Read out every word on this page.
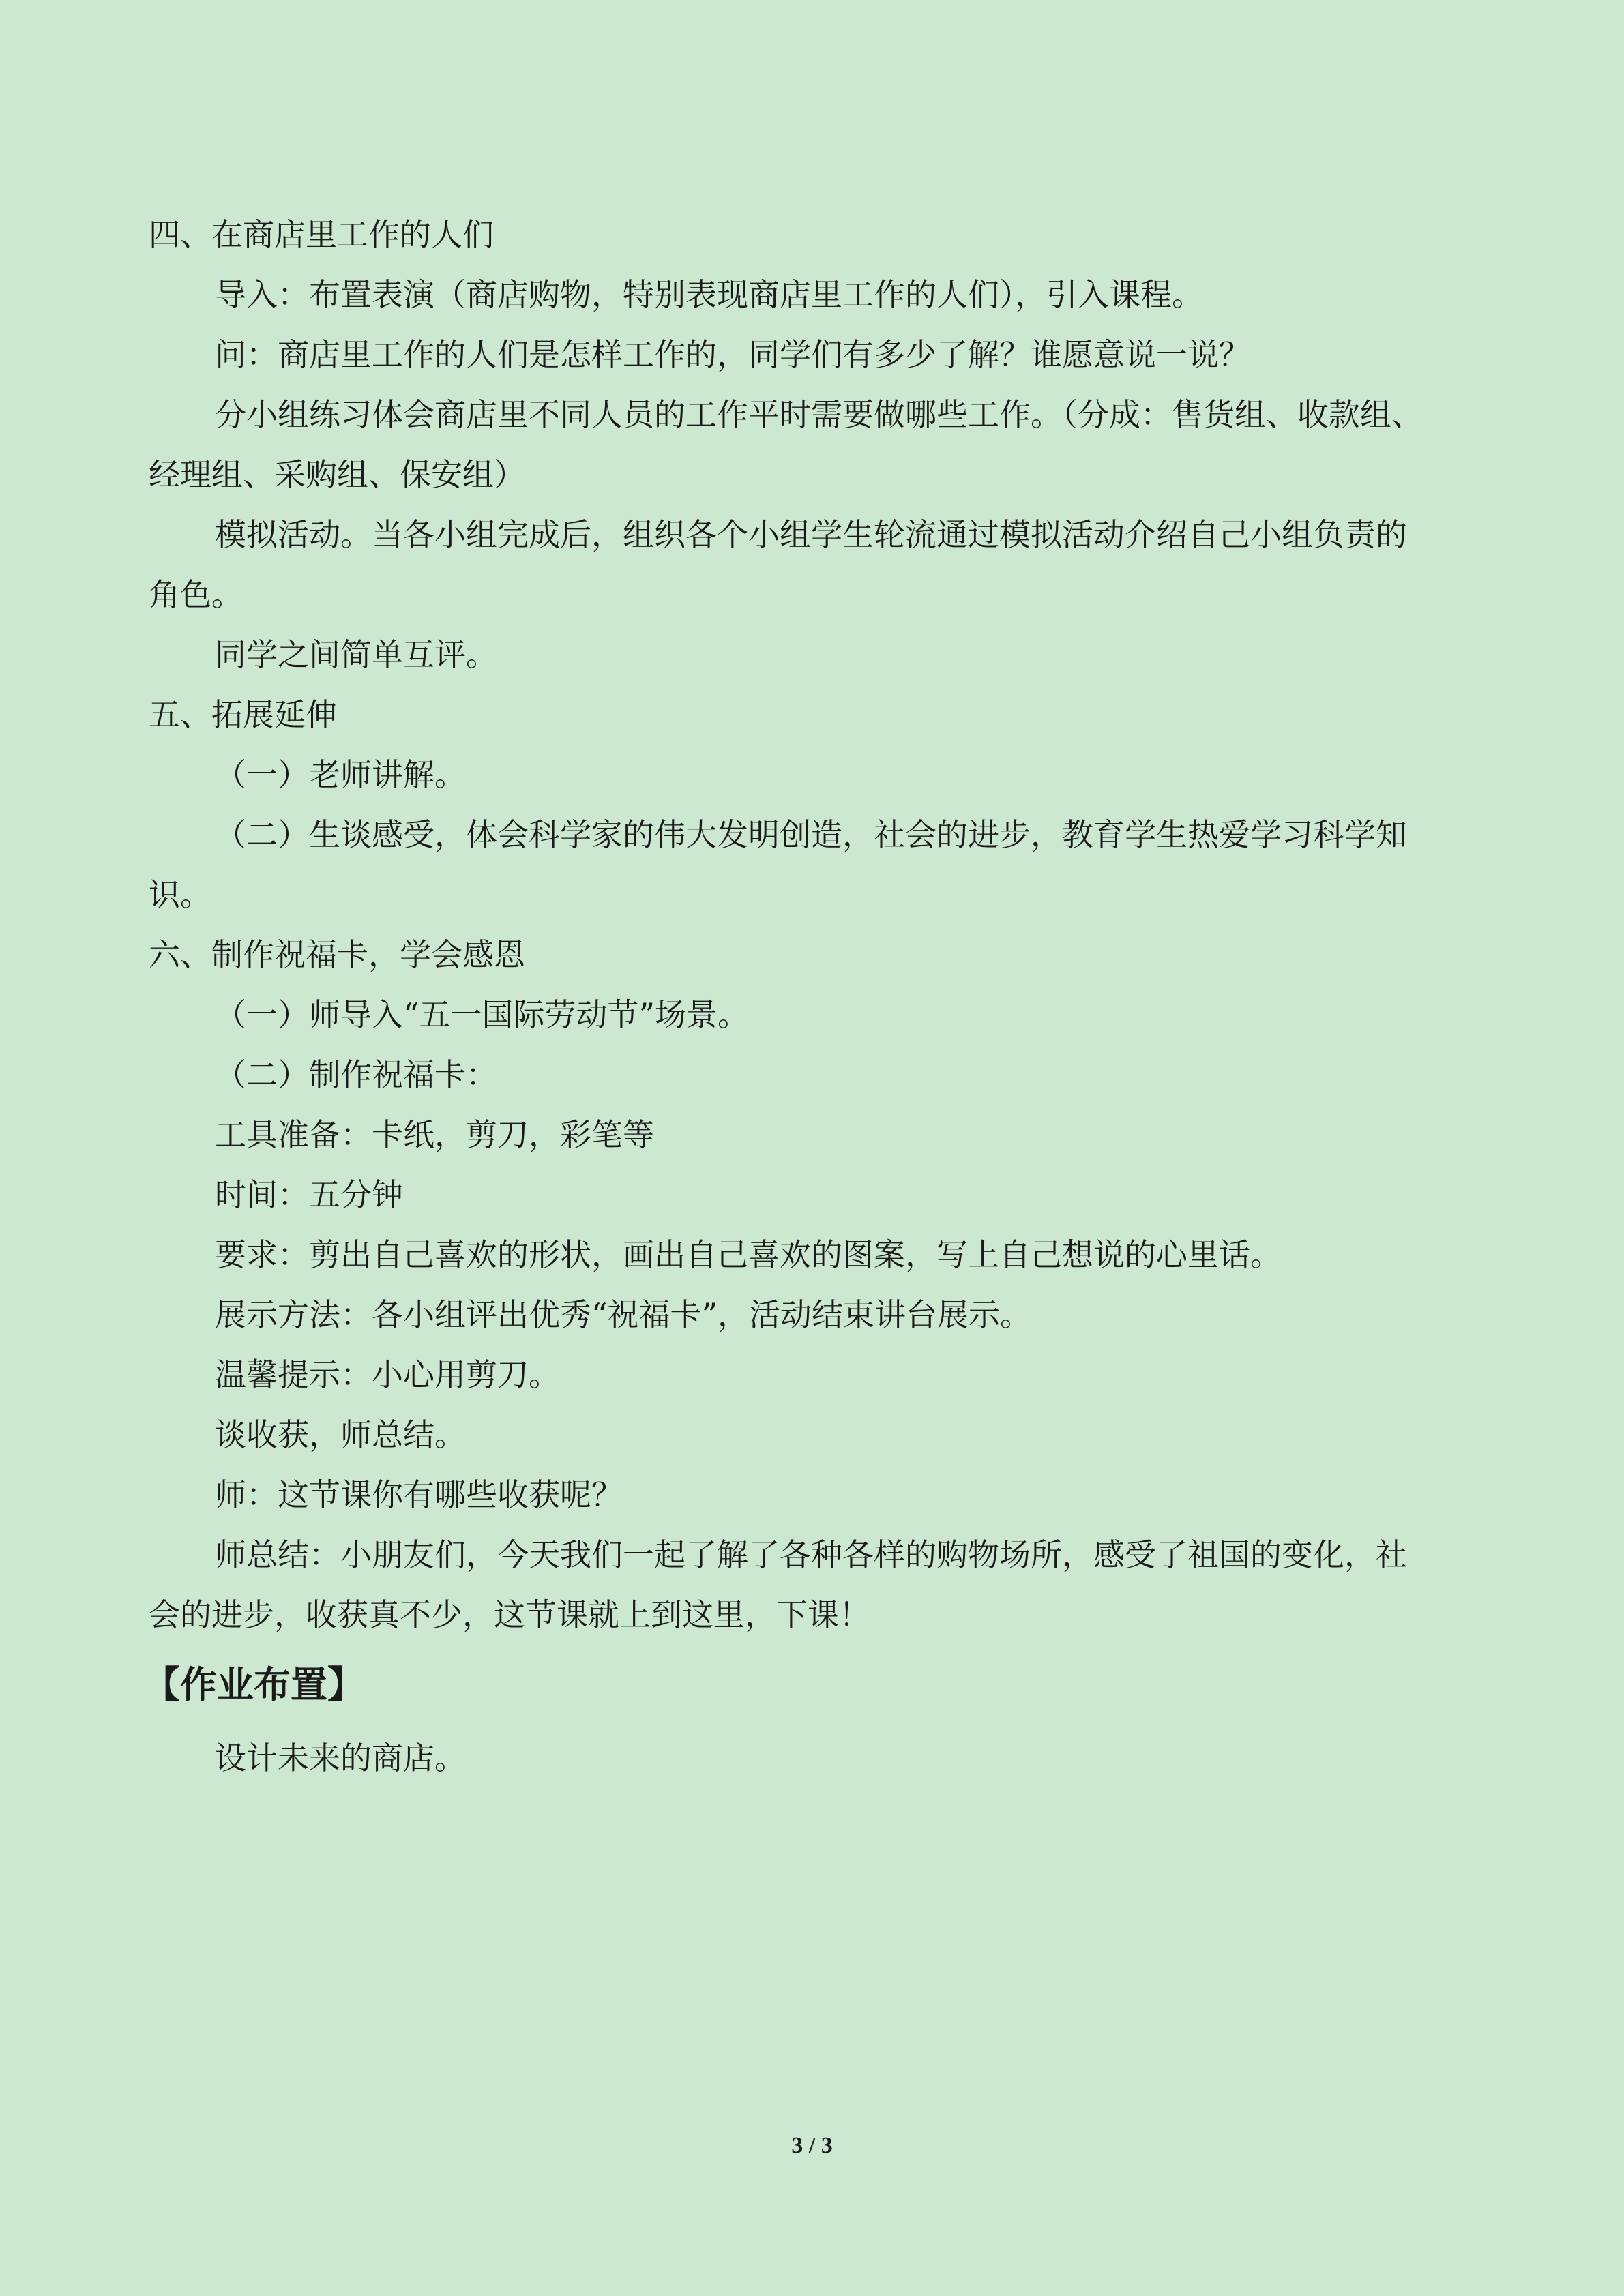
四、在商店里工作的人们
导入：布置表演（商店购物，特别表现商店里工作的人们），引入课程。
问：商店里工作的人们是怎样工作的，同学们有多少了解？谁愿意说一说？
分小组练习体会商店里不同人员的工作平时需要做哪些工作。（分成：售货组、收款组、
经理组、采购组、保安组）
模拟活动。当各小组完成后，组织各个小组学生轮流通过模拟活动介绍自己小组负责的
角色。
同学之间简单互评。
五、拓展延伸
（一）老师讲解。
（二）生谈感受，体会科学家的伟大发明创造，社会的进步，教育学生热爱学习科学知
识。
六、制作祝福卡，学会感恩
（一）师导入“五一国际劳动节”场景。
（二）制作祝福卡：
工具准备：卡纸，剪刀，彩笔等
时间：五分钟
要求：剪出自己喜欢的形状，画出自己喜欢的图案，写上自己想说的心里话。
展示方法：各小组评出优秀“祝福卡”，活动结束讲台展示。
温馨提示：小心用剪刀。
谈收获，师总结。
师：这节课你有哪些收获呢？
师总结：小朋友们，今天我们一起了解了各种各样的购物场所，感受了祖国的变化，社
会的进步，收获真不少，这节课就上到这里，下课！
【作业布置】
设计未来的商店。
3 / 3
